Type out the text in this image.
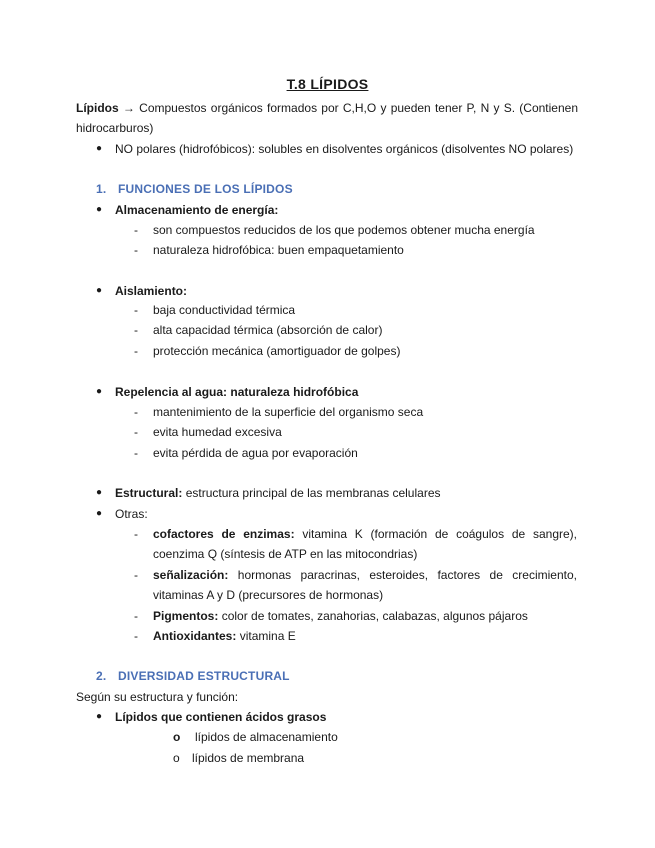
T.8 LÍPIDOS
Lípidos → Compuestos orgánicos formados por C,H,O y pueden tener P, N y S. (Contienen hidrocarburos)
● NO polares (hidrofóbicos): solubles en disolventes orgánicos (disolventes NO polares)
1. FUNCIONES DE LOS LÍPIDOS
● Almacenamiento de energía:
- son compuestos reducidos de los que podemos obtener mucha energía
- naturaleza hidrofóbica: buen empaquetamiento
● Aislamiento:
- baja conductividad térmica
- alta capacidad térmica (absorción de calor)
- protección mecánica (amortiguador de golpes)
● Repelencia al agua: naturaleza hidrofóbica
- mantenimiento de la superficie del organismo seca
- evita humedad excesiva
- evita pérdida de agua por evaporación
● Estructural: estructura principal de las membranas celulares
● Otras:
- cofactores de enzimas: vitamina K (formación de coágulos de sangre), coenzima Q (síntesis de ATP en las mitocondrias)
- señalización: hormonas paracrinas, esteroides, factores de crecimiento, vitaminas A y D (precursores de hormonas)
- Pigmentos: color de tomates, zanahorias, calabazas, algunos pájaros
- Antioxidantes: vitamina E
2. DIVERSIDAD ESTRUCTURAL
Según su estructura y función:
● Lípidos que contienen ácidos grasos
o lípidos de almacenamiento
o lípidos de membrana
